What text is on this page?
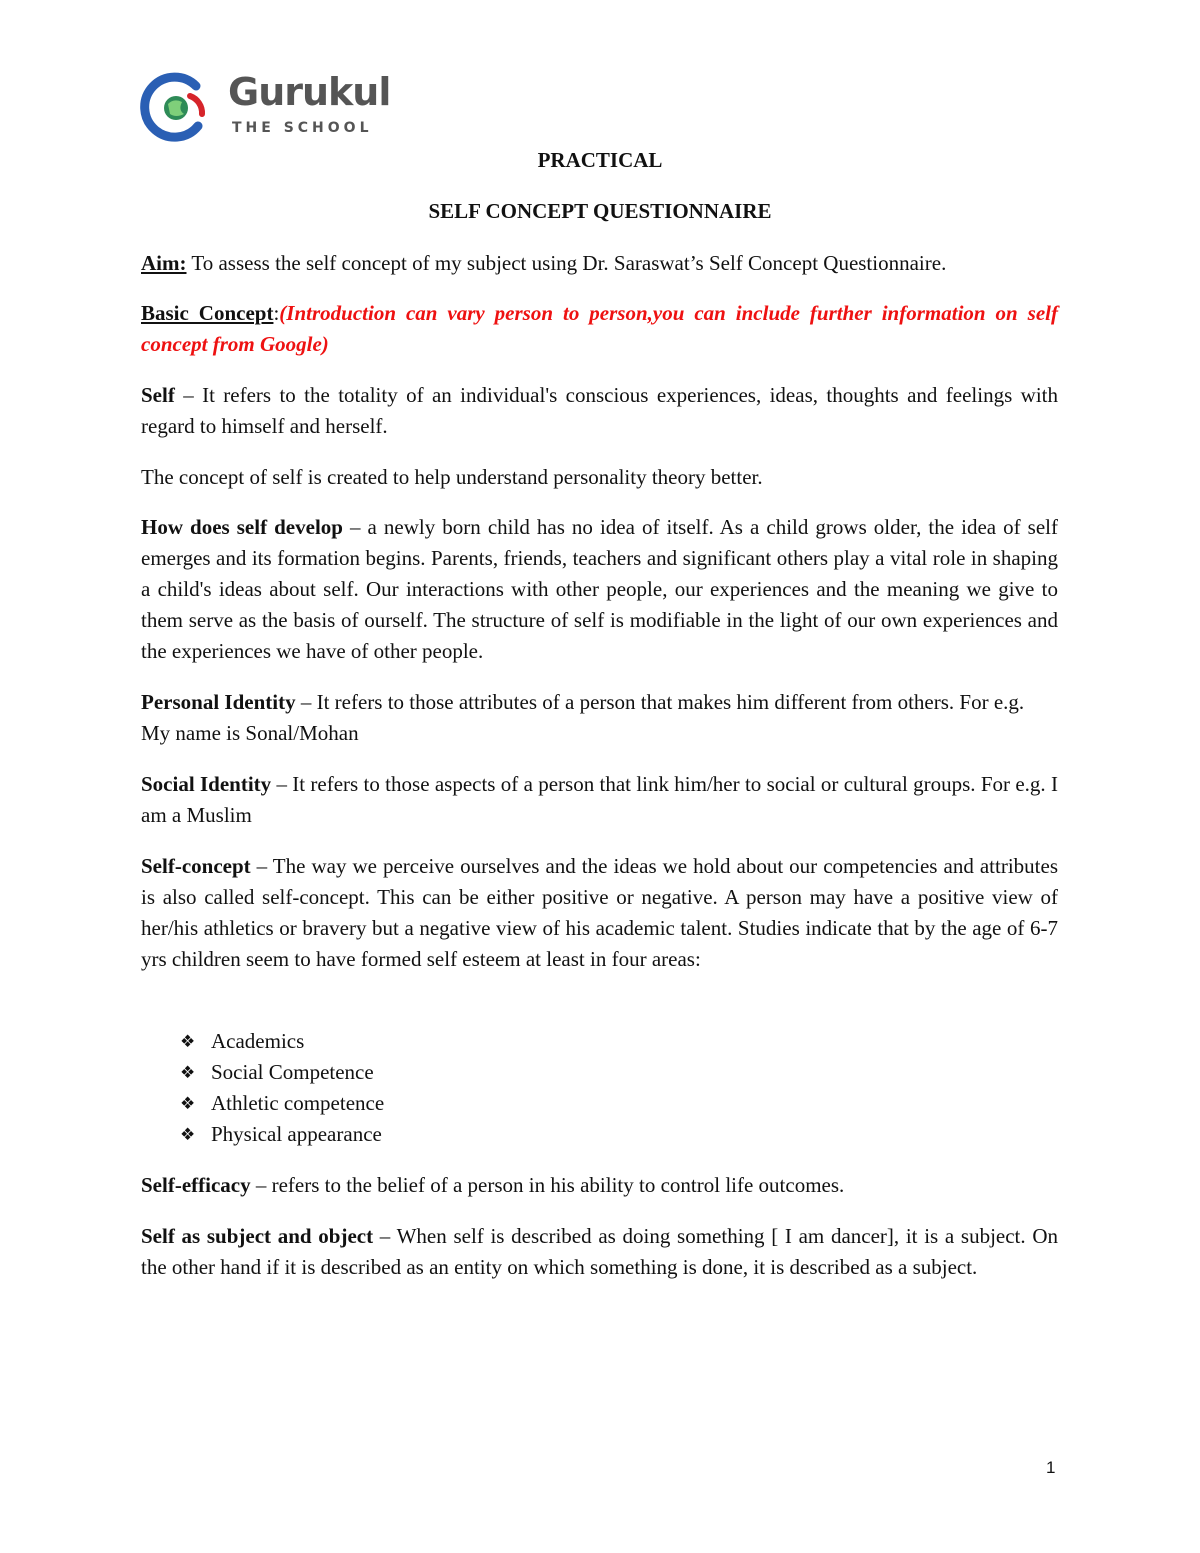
Gurukul
THE SCHOOL
PRACTICAL
SELF CONCEPT QUESTIONNAIRE
Aim: To assess the self concept of my subject using Dr. Saraswat’s Self Concept Questionnaire.
Basic Concept:(Introduction can vary person to person,you can include further information on self concept from Google)
Self – It refers to the totality of an individual's conscious experiences, ideas, thoughts and feelings with regard to himself and herself.
The concept of self is created to help understand personality theory better.
How does self develop – a newly born child has no idea of itself. As a child grows older, the idea of self emerges and its formation begins. Parents, friends, teachers and significant others play a vital role in shaping a child's ideas about self. Our interactions with other people, our experiences and the meaning we give to them serve as the basis of ourself. The structure of self is modifiable in the light of our own experiences and the experiences we have of other people.
Personal Identity – It refers to those attributes of a person that makes him different from others. For e.g. My name is Sonal/Mohan
Social Identity – It refers to those aspects of a person that link him/her to social or cultural groups. For e.g. I am a Muslim
Self-concept – The way we perceive ourselves and the ideas we hold about our competencies and attributes is also called self-concept. This can be either positive or negative. A person may have a positive view of her/his athletics or bravery but a negative view of his academic talent. Studies indicate that by the age of 6-7 yrs children seem to have formed self esteem at least in four areas:
❖ Academics
❖ Social Competence
❖ Athletic competence
❖ Physical appearance
Self-efficacy – refers to the belief of a person in his ability to control life outcomes.
Self as subject and object – When self is described as doing something [ I am dancer], it is a subject. On the other hand if it is described as an entity on which something is done, it is described as a subject.
1
